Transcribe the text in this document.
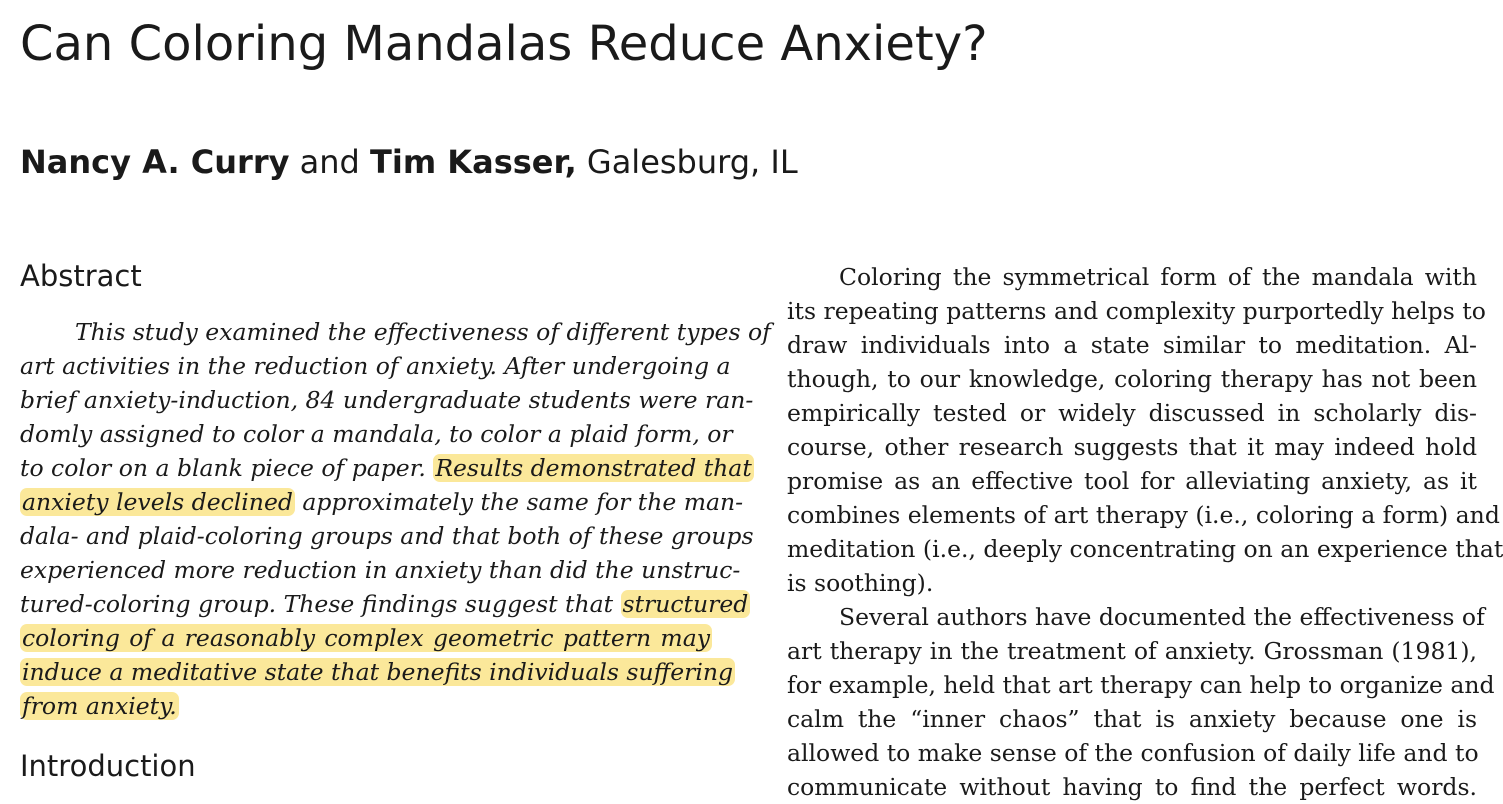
Can Coloring Mandalas Reduce Anxiety?
Nancy A. Curry and Tim Kasser, Galesburg, IL
Abstract
This study examined the effectiveness of different types of
art activities in the reduction of anxiety. After undergoing a
brief anxiety-induction, 84 undergraduate students were ran-
domly assigned to color a mandala, to color a plaid form, or
to color on a blank piece of paper. Results demonstrated that
anxiety levels declined approximately the same for the man-
dala- and plaid-coloring groups and that both of these groups
experienced more reduction in anxiety than did the unstruc-
tured-coloring group. These findings suggest that structured
coloring of a reasonably complex geometric pattern may
induce a meditative state that benefits individuals suffering
from anxiety.
Introduction
Coloring the symmetrical form of the mandala with
its repeating patterns and complexity purportedly helps to
draw individuals into a state similar to meditation. Al-
though, to our knowledge, coloring therapy has not been
empirically tested or widely discussed in scholarly dis-
course, other research suggests that it may indeed hold
promise as an effective tool for alleviating anxiety, as it
combines elements of art therapy (i.e., coloring a form) and
meditation (i.e., deeply concentrating on an experience that
is soothing).
Several authors have documented the effectiveness of
art therapy in the treatment of anxiety. Grossman (1981),
for example, held that art therapy can help to organize and
calm the “inner chaos” that is anxiety because one is
allowed to make sense of the confusion of daily life and to
communicate without having to find the perfect words.
